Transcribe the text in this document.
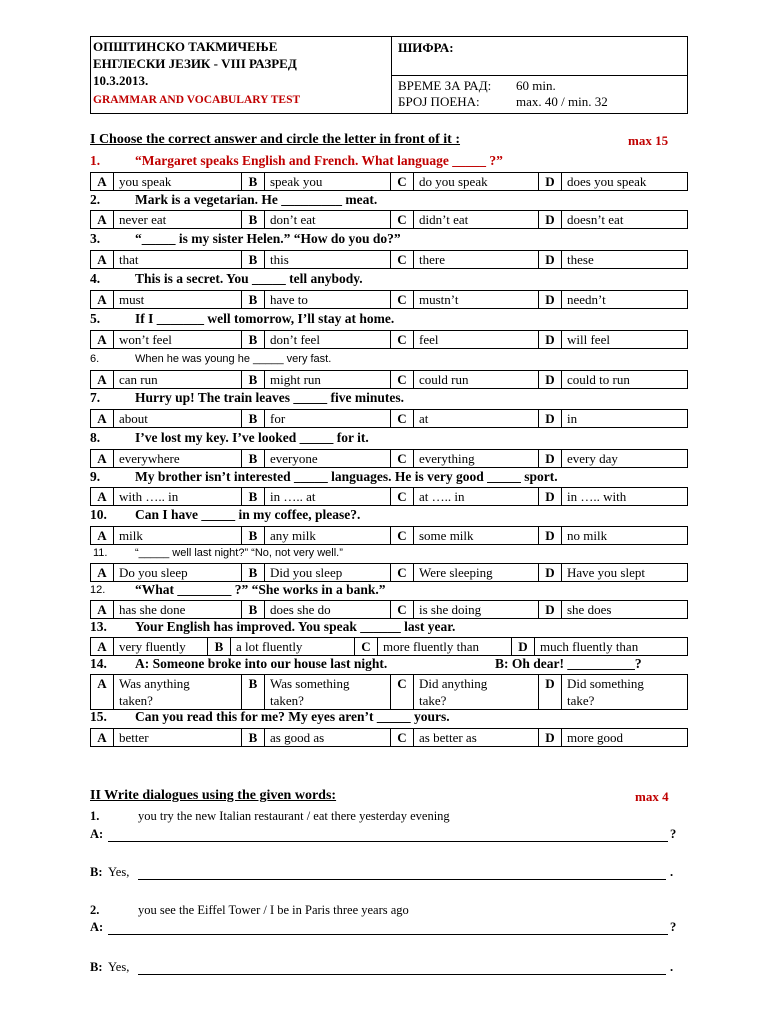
ОПШТИНСКО ТАКМИЧЕЊЕ
ЕНГЛЕСКИ ЈЕЗИК - VIII РАЗРЕД
10.3.2013.
GRAMMAR AND VOCABULARY TEST
ШИФРА:
ВРЕМЕ ЗА РАД: 60 min.
БРОЈ ПОЕНА:	max. 40 / min. 32
I Choose the correct answer and circle the letter in front of it :	max 15
1.	“Margaret speaks English and French. What language _____ ?”
A you speak	B speak you	C do you speak	D does you speak
2.	Mark is a vegetarian. He _________ meat.
A never eat	B don’t eat	C didn’t eat	D doesn’t eat
3.	“_____ is my sister Helen.” “How do you do?”
A that	B this	C there	D these
4.	This is a secret. You _____ tell anybody.
A must	B have to	C mustn’t	D needn’t
5.	If I _______ well tomorrow, I’ll stay at home.
A won’t feel	B don’t feel	C feel	D will feel
6.	When he was young he _____ very fast.
A can run	B might run	C could run	D could to run
7.	Hurry up! The train leaves _____ five minutes.
A about	B for	C at	D in
8.	I’ve lost my key. I’ve looked _____ for it.
A everywhere	B everyone	C everything	D every day
9.	My brother isn’t interested _____ languages. He is very good _____ sport.
A with ….. in	B in ….. at	C at ….. in	D in ….. with
10. Can I have _____ in my coffee, please?.
A milk	B any milk	C some milk	D no milk
11.	“_____ well last night?” “No, not very well.”
A Do you sleep	B Did you sleep	C Were sleeping	D Have you slept
12. “What ________ ?” “She works in a bank.”
A has she done	B does she do	C is she doing	D she does
13. Your English has improved. You speak ______ last year.
A very fluently	B a lot fluently	C more fluently than	D much fluently than
14. A: Someone broke into our house last night.	B: Oh dear! __________?
A Was anything
taken?
B Was something
taken?
C Did anything
take?
D Did something
take?
15. Can you read this for me? My eyes aren’t _____ yours.
A better	B as good as	C as better as	D more good
II Write dialogues using the given words:	max 4
1.	you try the new Italian restaurant / eat there yesterday evening
A:	?
B: Yes,	.
2.	you see the Eiffel Tower / I be in Paris three years ago
A:	?
B: Yes,	.
